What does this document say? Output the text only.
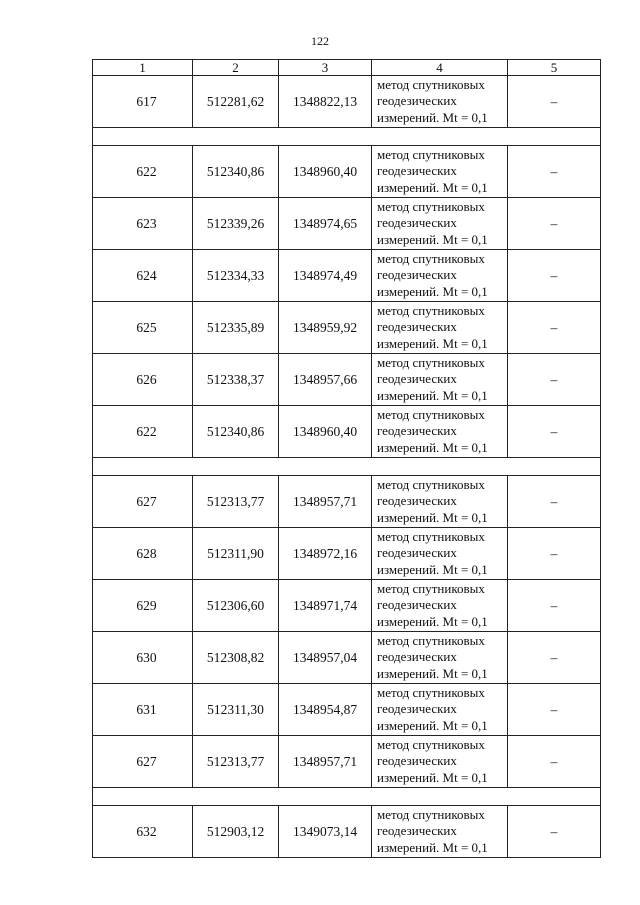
122
1	2	3	4	5
617	512281,62	1348822,13	метод спутниковых
геодезических
измерений. Mt = 0,1	–

622	512340,86	1348960,40	метод спутниковых
геодезических
измерений. Mt = 0,1	–
623	512339,26	1348974,65	метод спутниковых
геодезических
измерений. Mt = 0,1	–
624	512334,33	1348974,49	метод спутниковых
геодезических
измерений. Mt = 0,1	–
625	512335,89	1348959,92	метод спутниковых
геодезических
измерений. Mt = 0,1	–
626	512338,37	1348957,66	метод спутниковых
геодезических
измерений. Mt = 0,1	–
622	512340,86	1348960,40	метод спутниковых
геодезических
измерений. Mt = 0,1	–

627	512313,77	1348957,71	метод спутниковых
геодезических
измерений. Mt = 0,1	–
628	512311,90	1348972,16	метод спутниковых
геодезических
измерений. Mt = 0,1	–
629	512306,60	1348971,74	метод спутниковых
геодезических
измерений. Mt = 0,1	–
630	512308,82	1348957,04	метод спутниковых
геодезических
измерений. Mt = 0,1	–
631	512311,30	1348954,87	метод спутниковых
геодезических
измерений. Mt = 0,1	–
627	512313,77	1348957,71	метод спутниковых
геодезических
измерений. Mt = 0,1	–

632	512903,12	1349073,14	метод спутниковых
геодезических
измерений. Mt = 0,1	–
